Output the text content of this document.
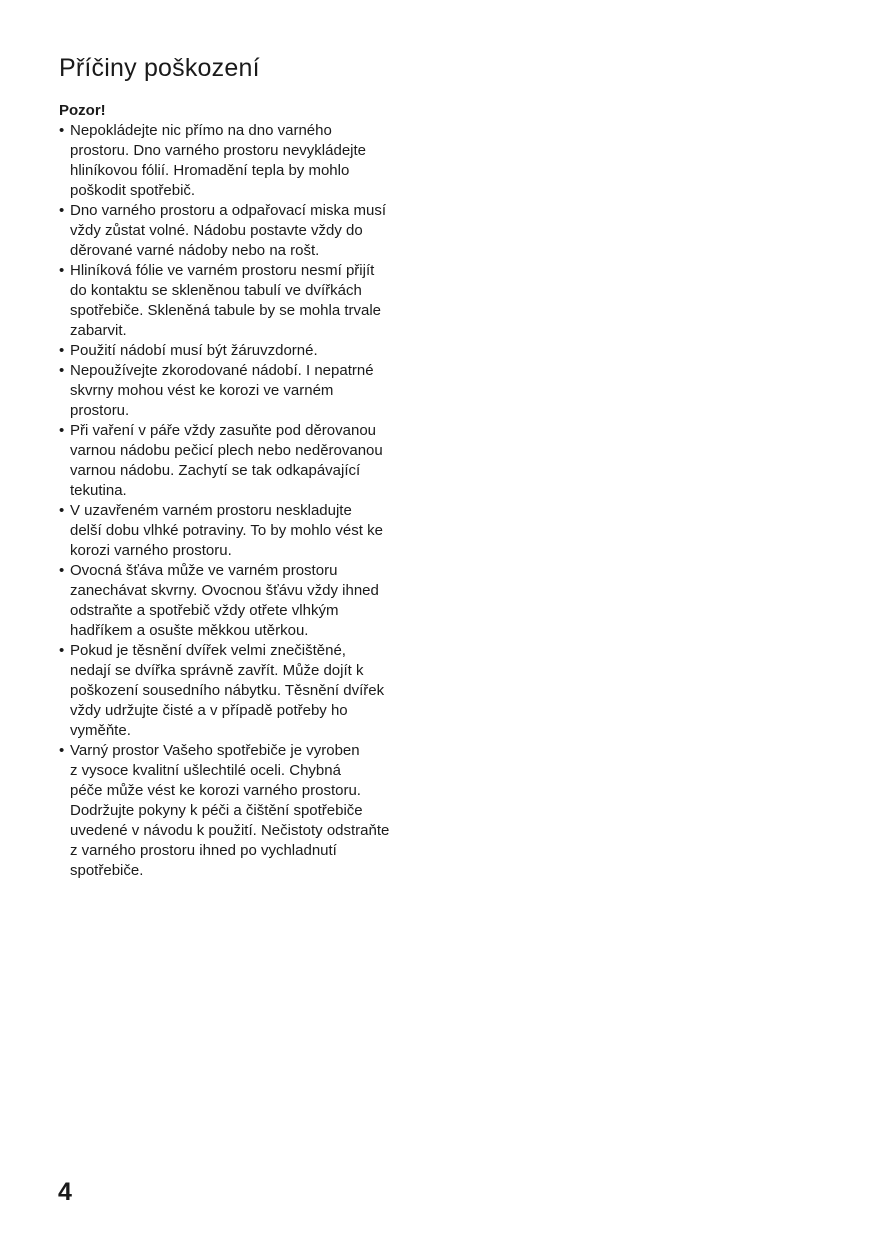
Příčiny poškození

Pozor!

• Nepokládejte nic přímo na dno varného
prostoru. Dno varného prostoru nevykládejte
hliníkovou fólií. Hromadění tepla by mohlo
poškodit spotřebič.
• Dno varného prostoru a odpařovací miska musí
vždy zůstat volné. Nádobu postavte vždy do
děrované varné nádoby nebo na rošt.
• Hliníková fólie ve varném prostoru nesmí přijít
do kontaktu se skleněnou tabulí ve dvířkách
spotřebiče. Skleněná tabule by se mohla trvale
zabarvit.
• Použití nádobí musí být žáruvzdorné.
• Nepoužívejte zkorodované nádobí. I nepatrné
skvrny mohou vést ke korozi ve varném
prostoru.
• Při vaření v páře vždy zasuňte pod děrovanou
varnou nádobu pečicí plech nebo neděrovanou
varnou nádobu. Zachytí se tak odkapávající
tekutina.
• V uzavřeném varném prostoru neskladujte
delší dobu vlhké potraviny. To by mohlo vést ke
korozi varného prostoru.
• Ovocná šťáva může ve varném prostoru
zanechávat skvrny. Ovocnou šťávu vždy ihned
odstraňte a spotřebič vždy otřete vlhkým
hadříkem a osušte měkkou utěrkou.
• Pokud je těsnění dvířek velmi znečištěné,
nedají se dvířka správně zavřít. Může dojít k
poškození sousedního nábytku. Těsnění dvířek
vždy udržujte čisté a v případě potřeby ho
vyměňte.
• Varný prostor Vašeho spotřebiče je vyroben
z vysoce kvalitní ušlechtilé oceli. Chybná
péče může vést ke korozi varného prostoru.
Dodržujte pokyny k péči a čištění spotřebiče
uvedené v návodu k použití. Nečistoty odstraňte
z varného prostoru ihned po vychladnutí
spotřebiče.
4
